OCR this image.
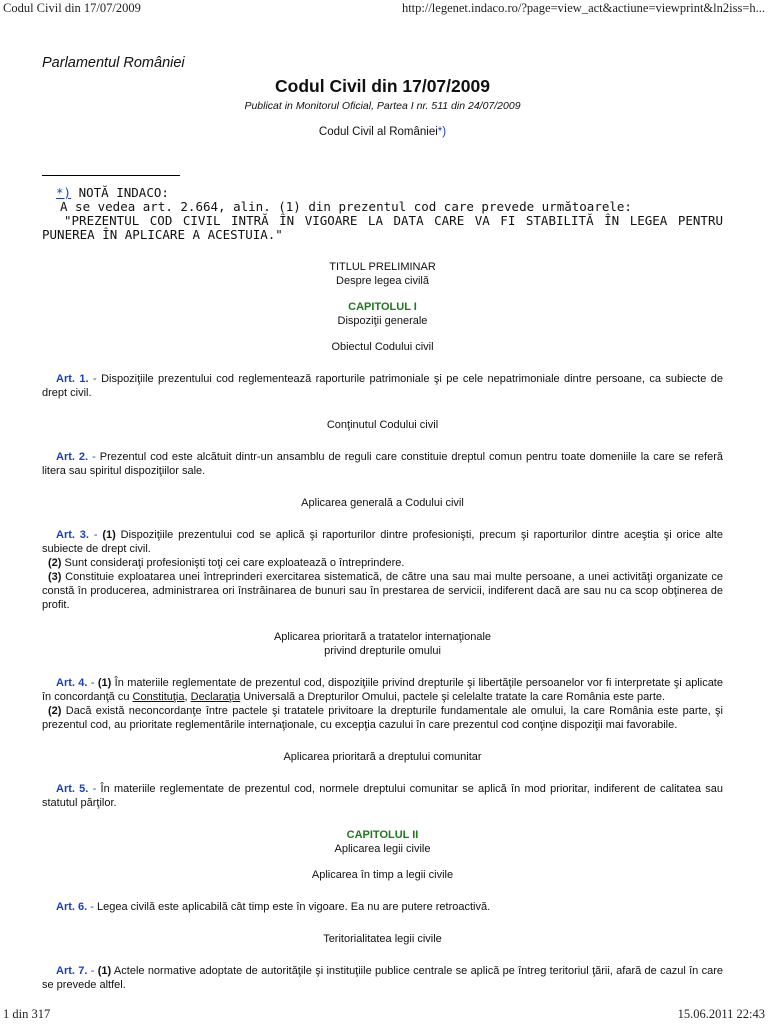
Codul Civil din 17/07/2009	http://legenet.indaco.ro/?page=view_act&actiune=viewprint&ln2iss=h...

Parlamentul României

Codul Civil din 17/07/2009

Publicat in Monitorul Oficial, Partea I nr. 511 din 24/07/2009

Codul Civil al României*)

*) NOTĂ INDACO:
A se vedea art. 2.664, alin. (1) din prezentul cod care prevede următoarele:
"PREZENTUL COD CIVIL INTRĂ ÎN VIGOARE LA DATA CARE VA FI STABILITĂ ÎN LEGEA PENTRU PUNEREA ÎN APLICARE A ACESTUIA."

TITLUL PRELIMINAR

Despre legea civilă

CAPITOLUL I

Dispoziţii generale

Obiectul Codului civil

Art. 1. - Dispoziţiile prezentului cod reglementează raporturile patrimoniale şi pe cele nepatrimoniale dintre persoane, ca subiecte de drept civil.

Conţinutul Codului civil

Art. 2. - Prezentul cod este alcătuit dintr-un ansamblu de reguli care constituie dreptul comun pentru toate domeniile la care se referă litera sau spiritul dispoziţiilor sale.

Aplicarea generală a Codului civil

Art. 3. - (1) Dispoziţiile prezentului cod se aplică şi raporturilor dintre profesionişti, precum şi raporturilor dintre aceştia şi orice alte subiecte de drept civil.

(2) Sunt consideraţi profesionişti toţi cei care exploatează o întreprindere.

(3) Constituie exploatarea unei întreprinderi exercitarea sistematică, de către una sau mai multe persoane, a unei activităţi organizate ce constă în producerea, administrarea ori înstrăinarea de bunuri sau în prestarea de servicii, indiferent dacă are sau nu ca scop obţinerea de profit.

Aplicarea prioritară a tratatelor internaţionale

privind drepturile omului

Art. 4. - (1) În materiile reglementate de prezentul cod, dispoziţiile privind drepturile şi libertăţile persoanelor vor fi interpretate şi aplicate în concordanţă cu Constituţia, Declaraţia Universală a Drepturilor Omului, pactele şi celelalte tratate la care România este parte.

(2) Dacă există neconcordanţe între pactele şi tratatele privitoare la drepturile fundamentale ale omului, la care România este parte, şi prezentul cod, au prioritate reglementările internaţionale, cu excepţia cazului în care prezentul cod conţine dispoziţii mai favorabile.

Aplicarea prioritară a dreptului comunitar

Art. 5. - În materiile reglementate de prezentul cod, normele dreptului comunitar se aplică în mod prioritar, indiferent de calitatea sau statutul părţilor.

CAPITOLUL II

Aplicarea legii civile

Aplicarea în timp a legii civile

Art. 6. - Legea civilă este aplicabilă cât timp este în vigoare. Ea nu are putere retroactivă.

Teritorialitatea legii civile

Art. 7. - (1) Actele normative adoptate de autorităţile şi instituţiile publice centrale se aplică pe întreg teritoriul ţării, afară de cazul în care se prevede altfel.

1 din 317	15.06.2011 22:43
